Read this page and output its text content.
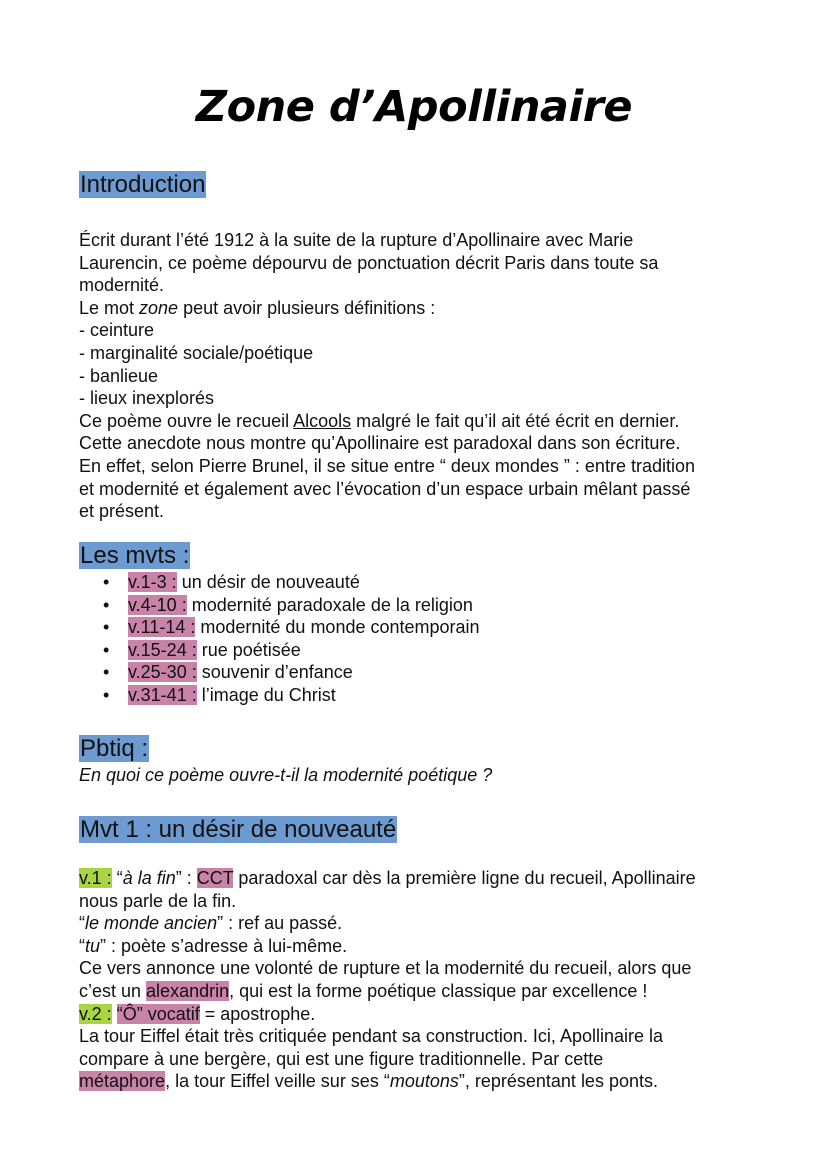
Zone d’Apollinaire
Introduction

Écrit durant l’été 1912 à la suite de la rupture d’Apollinaire avec Marie

Laurencin, ce poème dépourvu de ponctuation décrit Paris dans toute sa

modernité.

Le mot zone peut avoir plusieurs définitions :

- ceinture

- marginalité sociale/poétique

- banlieue

- lieux inexplorés

Ce poème ouvre le recueil Alcools malgré le fait qu’il ait été écrit en dernier.

Cette anecdote nous montre qu’Apollinaire est paradoxal dans son écriture.

En effet, selon Pierre Brunel, il se situe entre “ deux mondes ” : entre tradition

et modernité et également avec l’évocation d’un espace urbain mêlant passé

et présent.

Les mvts :
• v.1-3 : un désir de nouveauté
• v.4-10 : modernité paradoxale de la religion
• v.11-14 : modernité du monde contemporain
• v.15-24 : rue poétisée
• v.25-30 : souvenir d’enfance
• v.31-41 : l’image du Christ
Pbtiq :

En quoi ce poème ouvre-t-il la modernité poétique ?

Mvt 1 : un désir de nouveauté

v.1 : “à la fin” : CCT paradoxal car dès la première ligne du recueil, Apollinaire

nous parle de la fin.

“le monde ancien” : ref au passé.

“tu” : poète s’adresse à lui-même.

Ce vers annonce une volonté de rupture et la modernité du recueil, alors que

c’est un alexandrin, qui est la forme poétique classique par excellence !

v.2 : “Ô” vocatif = apostrophe.

La tour Eiffel était très critiquée pendant sa construction. Ici, Apollinaire la

compare à une bergère, qui est une figure traditionnelle. Par cette

métaphore, la tour Eiffel veille sur ses “moutons”, représentant les ponts.
